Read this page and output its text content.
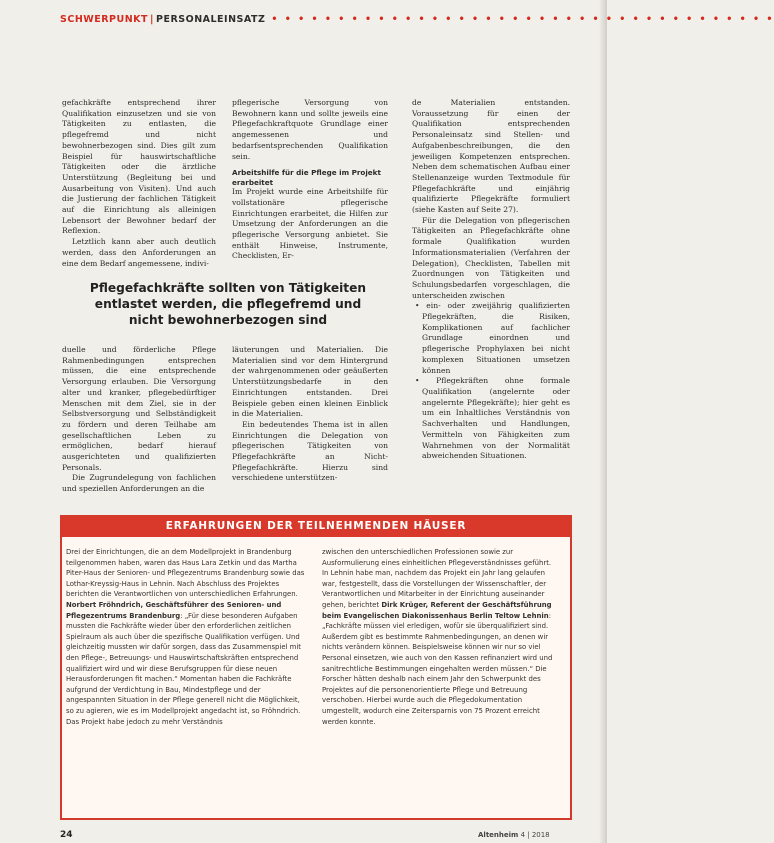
SCHWERPUNKT | PERSONALEINSATZ • • • • • • • • • • • • • • • • • • • • • • • • • • • • • • • • • • • • • •

gefachkräfte entsprechend ihrer Qualifikation einzusetzen und sie von Tätigkeiten zu entlasten, die pflegefremd und nicht bewohnerbezogen sind. Dies gilt zum Beispiel für hauswirtschaftliche Tätigkeiten oder die ärztliche Unterstützung (Begleitung bei und Ausarbeitung von Visiten). Und auch die Justierung der fachlichen Tätigkeit auf die Einrichtung als alleinigen Lebensort der Bewohner bedarf der Reflexion.

Letztlich kann aber auch deutlich werden, dass den Anforderungen an eine dem Bedarf angemessene, indivi-

pflegerische Versorgung von Bewohnern kann und sollte jeweils eine Pflegefachkraftquote Grundlage einer angemessenen und bedarfsentsprechenden Qualifikation sein.

Arbeitshilfe für die Pflege im Projekt erarbeitet

Im Projekt wurde eine Arbeitshilfe für vollstationäre pflegerische Einrichtungen erarbeitet, die Hilfen zur Umsetzung der Anforderungen an die pflegerische Versorgung anbietet. Sie enthält Hinweise, Instrumente, Checklisten, Er-

de Materialien entstanden. Voraussetzung für einen der Qualifikation entsprechenden Personaleinsatz sind Stellen- und Aufgabenbeschreibungen, die den jeweiligen Kompetenzen entsprechen. Neben dem schematischen Aufbau einer Stellenanzeige wurden Textmodule für Pflegefachkräfte und einjährig qualifizierte Pflegekräfte formuliert (siehe Kasten auf Seite 27).

Für die Delegation von pflegerischen Tätigkeiten an Pflegefachkräfte ohne formale Qualifikation wurden Informationsmaterialien (Verfahren der Delegation), Checklisten, Tabellen mit Zuordnungen von Tätigkeiten und Schulungsbedarfen vorgeschlagen, die unterscheiden zwischen

• ein- oder zweijährig qualifizierten Pflegekräften, die Risiken, Komplikationen auf fachlicher Grundlage einordnen und pflegerische Prophylaxen bei nicht komplexen Situationen umsetzen können

• Pflegekräften ohne formale Qualifikation (angelernte oder angelernte Pflegekräfte); hier geht es um ein Inhaltliches Verständnis von Sachverhalten und Handlungen, Vermitteln von Fähigkeiten zum Wahrnehmen von der Normalität abweichenden Situationen.

Pflegefachkräfte sollten von Tätigkeiten entlastet werden, die pflegefremd und nicht bewohnerbezogen sind

duelle und förderliche Pflege Rahmenbedingungen entsprechen müssen, die eine entsprechende Versorgung erlauben. Die Versorgung alter und kranker, pflegebedürftiger Menschen mit dem Ziel, sie in der Selbstversorgung und Selbständigkeit zu fördern und deren Teilhabe am gesellschaftlichen Leben zu ermöglichen, bedarf hierauf ausgerichteten und qualifizierten Personals.

Die Zugrundelegung von fachlichen und speziellen Anforderungen an die

läuterungen und Materialien. Die Materialien sind vor dem Hintergrund der wahrgenommenen oder geäußerten Unterstützungsbedarfe in den Einrichtungen entstanden. Drei Beispiele geben einen kleinen Einblick in die Materialien.

Ein bedeutendes Thema ist in allen Einrichtungen die Delegation von pflegerischen Tätigkeiten von Pflegefachkräfte an Nicht-Pflegefachkräfte. Hierzu sind verschiedene unterstützen-

ERFAHRUNGEN DER TEILNEHMENDEN HÄUSER

Drei der Einrichtungen, die an dem Modellprojekt in Brandenburg teilgenommen haben, waren das Haus Lara Zetkin und das Martha Piter-Haus der Senioren- und Pflegezentrums Brandenburg sowie das Lothar-Kreyssig-Haus in Lehnin. Nach Abschluss des Projektes berichten die Verantwortlichen von unterschiedlichen Erfahrungen. Norbert Fröhndrich, Geschäftsführer des Senioren- und Pflegezentrums Brandenburg: „Für diese besonderen Aufgaben mussten die Fachkräfte wieder über den erforderlichen zeitlichen Spielraum als auch über die spezifische Qualifikation verfügen. Und gleichzeitig mussten wir dafür sorgen, dass das Zusammenspiel mit den Pflege-, Betreuungs- und Hauswirtschaftskräften entsprechend qualifiziert wird und wir diese Berufsgruppen für diese neuen Herausforderungen fit machen.“ Momentan haben die Fachkräfte aufgrund der Verdichtung in Bau, Mindestpflege und der angespannten Situation in der Pflege generell nicht die Möglichkeit, so zu agieren, wie es im Modellprojekt angedacht ist, so Fröhndrich. Das Projekt habe jedoch zu mehr Verständnis

zwischen den unterschiedlichen Professionen sowie zur Ausformulierung eines einheitlichen Pflegeverständnisses geführt.

In Lehnin habe man, nachdem das Projekt ein Jahr lang gelaufen war, festgestellt, dass die Vorstellungen der Wissenschaftler, der Verantwortlichen und Mitarbeiter in der Einrichtung auseinander gehen, berichtet Dirk Krüger, Referent der Geschäftsführung beim Evangelischen Diakonissenhaus Berlin Teltow Lehnin: „Fachkräfte müssen viel erledigen, wofür sie überqualifiziert sind. Außerdem gibt es bestimmte Rahmenbedingungen, an denen wir nichts verändern können. Beispielsweise können wir nur so viel Personal einsetzen, wie auch von den Kassen refinanziert wird und sanitrechtliche Bestimmungen eingehalten werden müssen.“ Die Forscher hätten deshalb nach einem Jahr den Schwerpunkt des Projektes auf die personenorientierte Pflege und Betreuung verschoben. Hierbei wurde auch die Pflegedokumentation umgestellt, wodurch eine Zeitersparnis von 75 Prozent erreicht werden konnte.

24	Altenheim 4 | 2018
